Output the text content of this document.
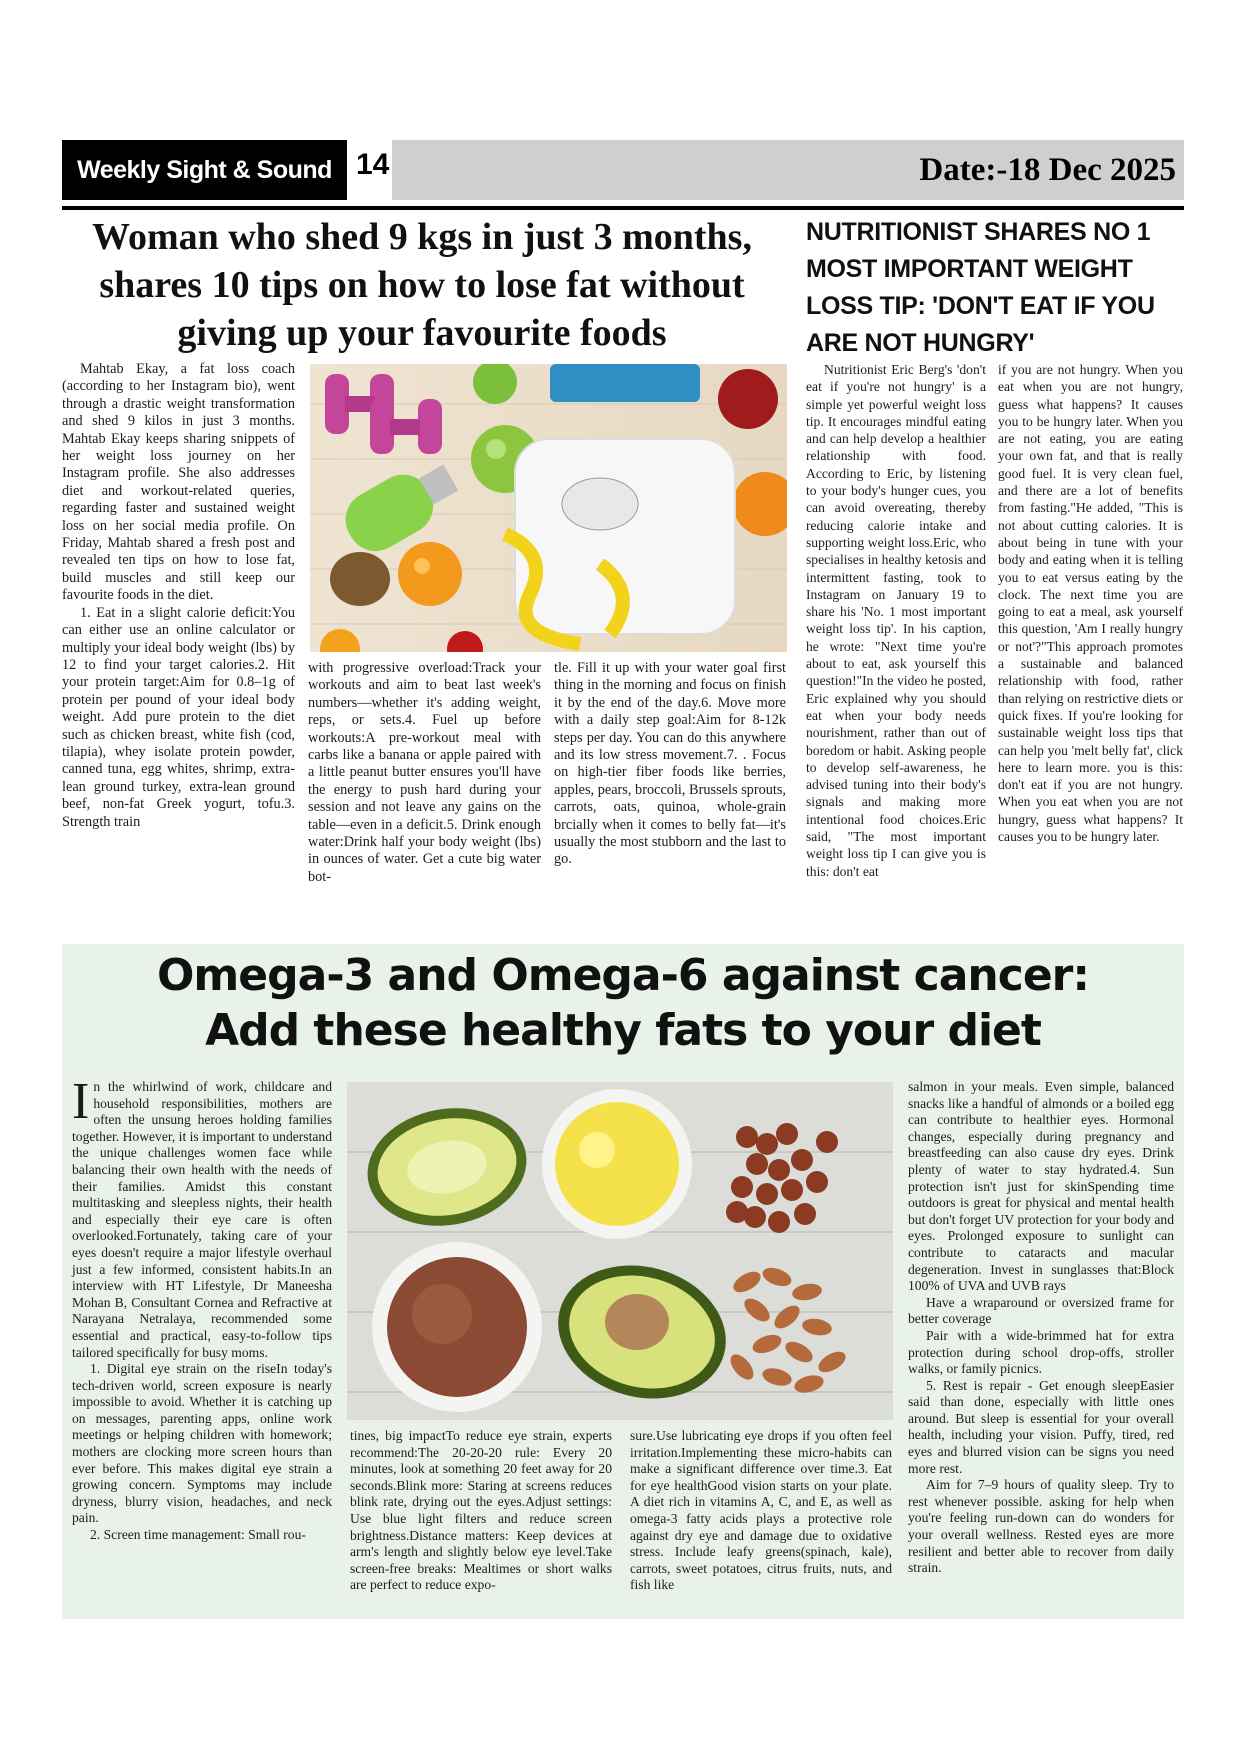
Weekly Sight & Sound 14	Date:-18 Dec 2025
Woman who shed 9 kgs in just 3 months, shares 10 tips on how to lose fat without giving up your favourite foods

Mahtab Ekay, a fat loss coach (according to her Instagram bio), went through a drastic weight transformation and shed 9 kilos in just 3 months. Mahtab Ekay keeps sharing snippets of her weight loss journey on her Instagram profile. She also addresses diet and workout-related queries, regarding faster and sustained weight loss on her social media profile. On Friday, Mahtab shared a fresh post and revealed ten tips on how to lose fat, build muscles and still keep our favourite foods in the diet.

1. Eat in a slight calorie deficit:You can either use an online calculator or multiply your ideal body weight (lbs) by 12 to find your target calories.2. Hit your protein target:Aim for 0.8–1g of protein per pound of your ideal body weight. Add pure protein to the diet such as chicken breast, white fish (cod, tilapia), whey isolate protein powder, canned tuna, egg whites, shrimp, extra-lean ground turkey, extra-lean ground beef, non-fat Greek yogurt, tofu.3. Strength train

with progressive overload:Track your workouts and aim to beat last week's numbers—whether it's adding weight, reps, or sets.4. Fuel up before workouts:A pre-workout meal with carbs like a banana or apple paired with a little peanut butter ensures you'll have the energy to push hard during your session and not leave any gains on the table—even in a deficit.5. Drink enough water:Drink half your body weight (lbs) in ounces of water. Get a cute big water bot-

tle. Fill it up with your water goal first thing in the morning and focus on finish it by the end of the day.6. Move more with a daily step goal:Aim for 8-12k steps per day. You can do this anywhere and its low stress movement.7. . Focus on high-tier fiber foods like berries, apples, pears, broccoli, Brussels sprouts, carrots, oats, quinoa, whole-grain brcially when it comes to belly fat—it's usually the most stubborn and the last to go.

NUTRITIONIST SHARES NO 1 MOST IMPORTANT WEIGHT LOSS TIP: 'DON'T EAT IF YOU ARE NOT HUNGRY'

Nutritionist Eric Berg's 'don't eat if you're not hungry' is a simple yet powerful weight loss tip. It encourages mindful eating and can help develop a healthier relationship with food. According to Eric, by listening to your body's hunger cues, you can avoid overeating, thereby reducing calorie intake and supporting weight loss.Eric, who specialises in healthy ketosis and intermittent fasting, took to Instagram on January 19 to share his 'No. 1 most important weight loss tip'. In his caption, he wrote: "Next time you're about to eat, ask yourself this question!"In the video he posted, Eric explained why you should eat when your body needs nourishment, rather than out of boredom or habit. Asking people to develop self-awareness, he advised tuning into their body's signals and making more intentional food choices.Eric said, "The most important weight loss tip I can give you is this: don't eat

if you are not hungry. When you eat when you are not hungry, guess what happens? It causes you to be hungry later. When you are not eating, you are eating your own fat, and that is really good fuel. It is very clean fuel, and there are a lot of benefits from fasting."He added, "This is not about cutting calories. It is about being in tune with your body and eating when it is telling you to eat versus eating by the clock. The next time you are going to eat a meal, ask yourself this question, 'Am I really hungry or not'?"This approach promotes a sustainable and balanced relationship with food, rather than relying on restrictive diets or quick fixes. If you're looking for sustainable weight loss tips that can help you 'melt belly fat', click here to learn more. you is this: don't eat if you are not hungry. When you eat when you are not hungry, guess what happens? It causes you to be hungry later.

Omega-3 and Omega-6 against cancer:
Add these healthy fats to your diet

In the whirlwind of work, childcare and household responsibilities, mothers are often the unsung heroes holding families together. However, it is important to understand the unique challenges women face while balancing their own health with the needs of their families. Amidst this constant multitasking and sleepless nights, their health and especially their eye care is often overlooked.Fortunately, taking care of your eyes doesn't require a major lifestyle overhaul just a few informed, consistent habits.In an interview with HT Lifestyle, Dr Maneesha Mohan B, Consultant Cornea and Refractive at Narayana Netralaya, recommended some essential and practical, easy-to-follow tips tailored specifically for busy moms.

1. Digital eye strain on the riseIn today's tech-driven world, screen exposure is nearly impossible to avoid. Whether it is catching up on messages, parenting apps, online work meetings or helping children with homework; mothers are clocking more screen hours than ever before. This makes digital eye strain a growing concern. Symptoms may include dryness, blurry vision, headaches, and neck pain.

2. Screen time management: Small rou-

tines, big impactTo reduce eye strain, experts recommend:The 20-20-20 rule: Every 20 minutes, look at something 20 feet away for 20 seconds.Blink more: Staring at screens reduces blink rate, drying out the eyes.Adjust settings: Use blue light filters and reduce screen brightness.Distance matters: Keep devices at arm's length and slightly below eye level.Take screen-free breaks: Mealtimes or short walks are perfect to reduce expo-

sure.Use lubricating eye drops if you often feel irritation.Implementing these micro-habits can make a significant difference over time.3. Eat for eye healthGood vision starts on your plate. A diet rich in vitamins A, C, and E, as well as omega-3 fatty acids plays a protective role against dry eye and damage due to oxidative stress. Include leafy greens(spinach, kale), carrots, sweet potatoes, citrus fruits, nuts, and fish like

salmon in your meals. Even simple, balanced snacks like a handful of almonds or a boiled egg can contribute to healthier eyes. Hormonal changes, especially during pregnancy and breastfeeding can also cause dry eyes. Drink plenty of water to stay hydrated.4. Sun protection isn't just for skinSpending time outdoors is great for physical and mental health but don't forget UV protection for your body and eyes. Prolonged exposure to sunlight can contribute to cataracts and macular degeneration. Invest in sunglasses that:Block 100% of UVA and UVB rays

Have a wraparound or oversized frame for better coverage

Pair with a wide-brimmed hat for extra protection during school drop-offs, stroller walks, or family picnics.

5. Rest is repair - Get enough sleepEasier said than done, especially with little ones around. But sleep is essential for your overall health, including your vision. Puffy, tired, red eyes and blurred vision can be signs you need more rest.

Aim for 7–9 hours of quality sleep. Try to rest whenever possible. asking for help when you're feeling run-down can do wonders for your overall wellness. Rested eyes are more resilient and better able to recover from daily strain.
